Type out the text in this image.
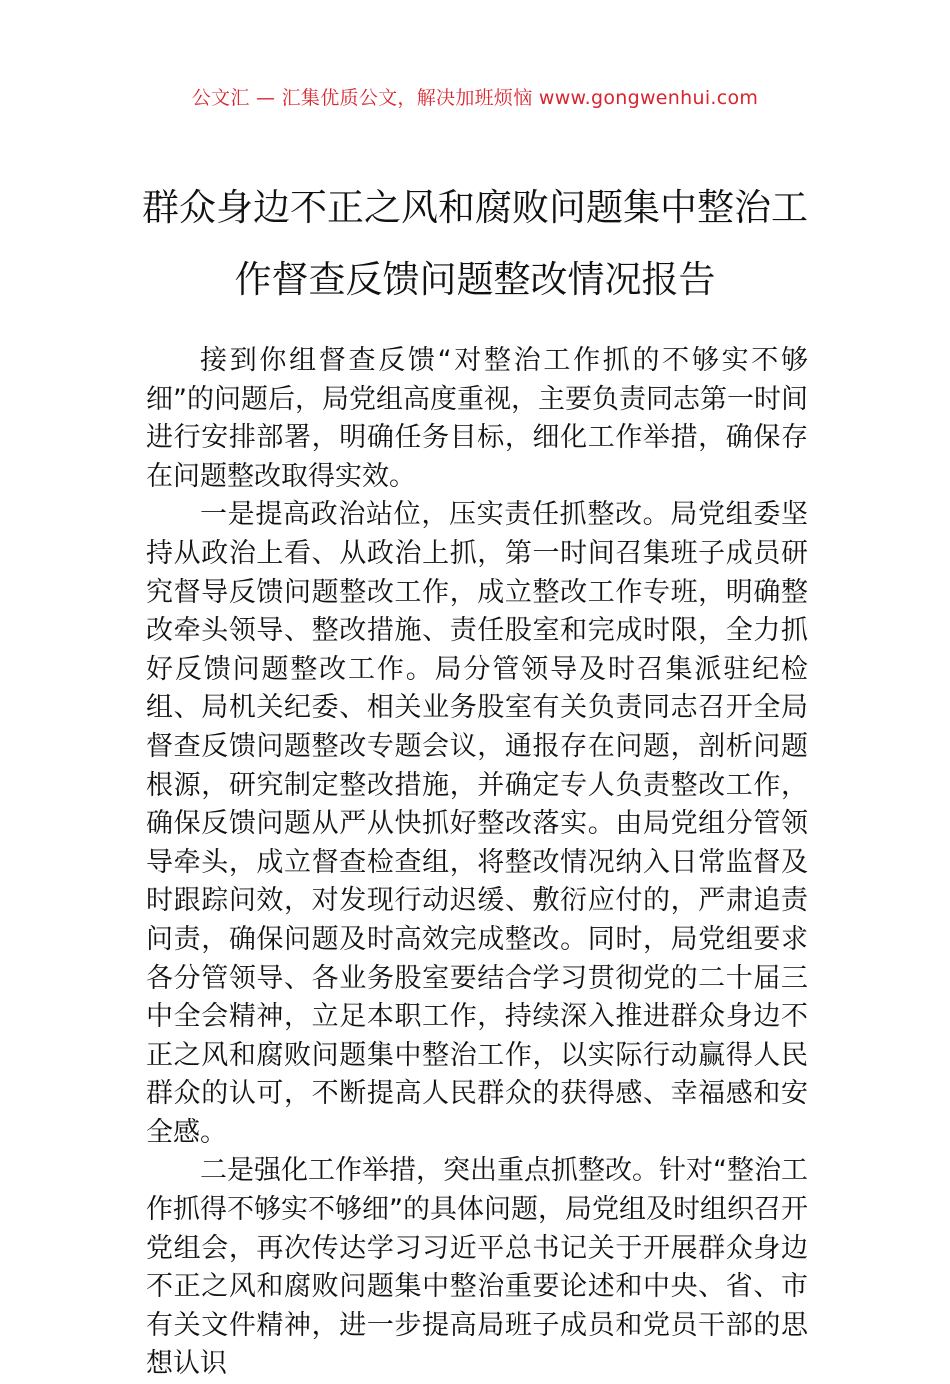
公文汇 — 汇集优质公文，解决加班烦恼 www.gongwenhui.com
群众身边不正之风和腐败问题集中整治工
作督查反馈问题整改情况报告

接到你组督查反馈“对整治工作抓的不够实不够细”的问题后，局党组高度重视，主要负责同志第一时间进行安排部署，明确任务目标，细化工作举措，确保存在问题整改取得实效。

一是提高政治站位，压实责任抓整改。局党组委坚持从政治上看、从政治上抓，第一时间召集班子成员研究督导反馈问题整改工作，成立整改工作专班，明确整改牵头领导、整改措施、责任股室和完成时限，全力抓好反馈问题整改工作。局分管领导及时召集派驻纪检组、局机关纪委、相关业务股室有关负责同志召开全局督查反馈问题整改专题会议，通报存在问题，剖析问题根源，研究制定整改措施，并确定专人负责整改工作，确保反馈问题从严从快抓好整改落实。由局党组分管领导牵头，成立督查检查组，将整改情况纳入日常监督及时跟踪问效，对发现行动迟缓、敷衍应付的，严肃追责问责，确保问题及时高效完成整改。同时，局党组要求各分管领导、各业务股室要结合学习贯彻党的二十届三中全会精神，立足本职工作，持续深入推进群众身边不正之风和腐败问题集中整治工作，以实际行动赢得人民群众的认可，不断提高人民群众的获得感、幸福感和安全感。

二是强化工作举措，突出重点抓整改。针对“整治工作抓得不够实不够细”的具体问题，局党组及时组织召开党组会，再次传达学习习近平总书记关于开展群众身边不正之风和腐败问题集中整治重要论述和中央、省、市有关文件精神，进一步提高局班子成员和党员干部的思想认识
